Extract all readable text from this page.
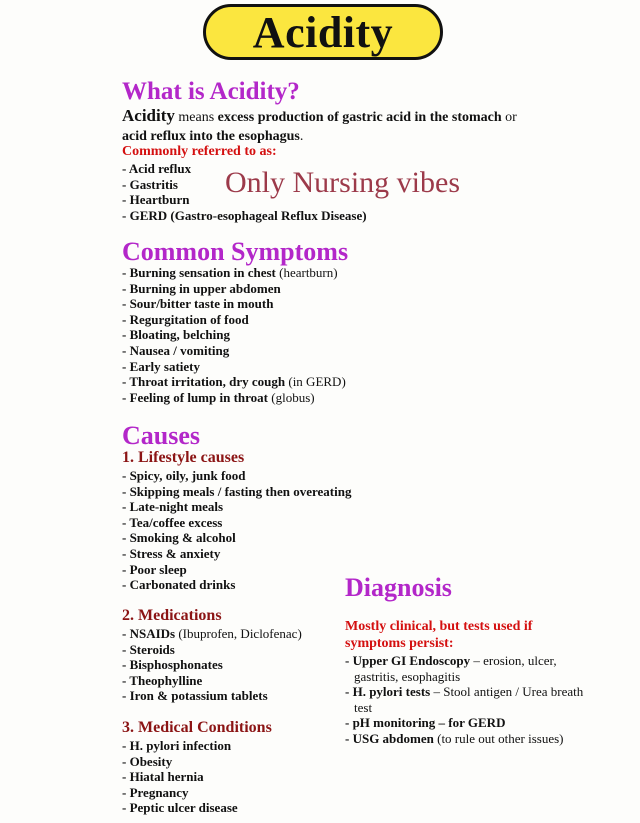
Acidity
What is Acidity?

Acidity means excess production of gastric acid in the stomach or
acid reflux into the esophagus.

Commonly referred to as:

- Acid reflux
- Gastritis
- Heartburn
- GERD (Gastro-esophageal Reflux Disease)

Only Nursing vibes

Common Symptoms
- Burning sensation in chest (heartburn)
- Burning in upper abdomen
- Sour/bitter taste in mouth
- Regurgitation of food
- Bloating, belching
- Nausea / vomiting
- Early satiety
- Throat irritation, dry cough (in GERD)
- Feeling of lump in throat (globus)
Causes

1. Lifestyle causes

- Spicy, oily, junk food
- Skipping meals / fasting then overeating
- Late-night meals
- Tea/coffee excess
- Smoking & alcohol
- Stress & anxiety
- Poor sleep
- Carbonated drinks

2. Medications

- NSAIDs (Ibuprofen, Diclofenac)
- Steroids
- Bisphosphonates
- Theophylline
- Iron & potassium tablets

3. Medical Conditions

- H. pylori infection
- Obesity
- Hiatal hernia
- Pregnancy
- Peptic ulcer disease
Diagnosis

Mostly clinical, but tests used if symptoms persist:

- Upper GI Endoscopy – erosion, ulcer, gastritis, esophagitis
- H. pylori tests – Stool antigen / Urea breath test
- pH monitoring – for GERD
- USG abdomen (to rule out other issues)
